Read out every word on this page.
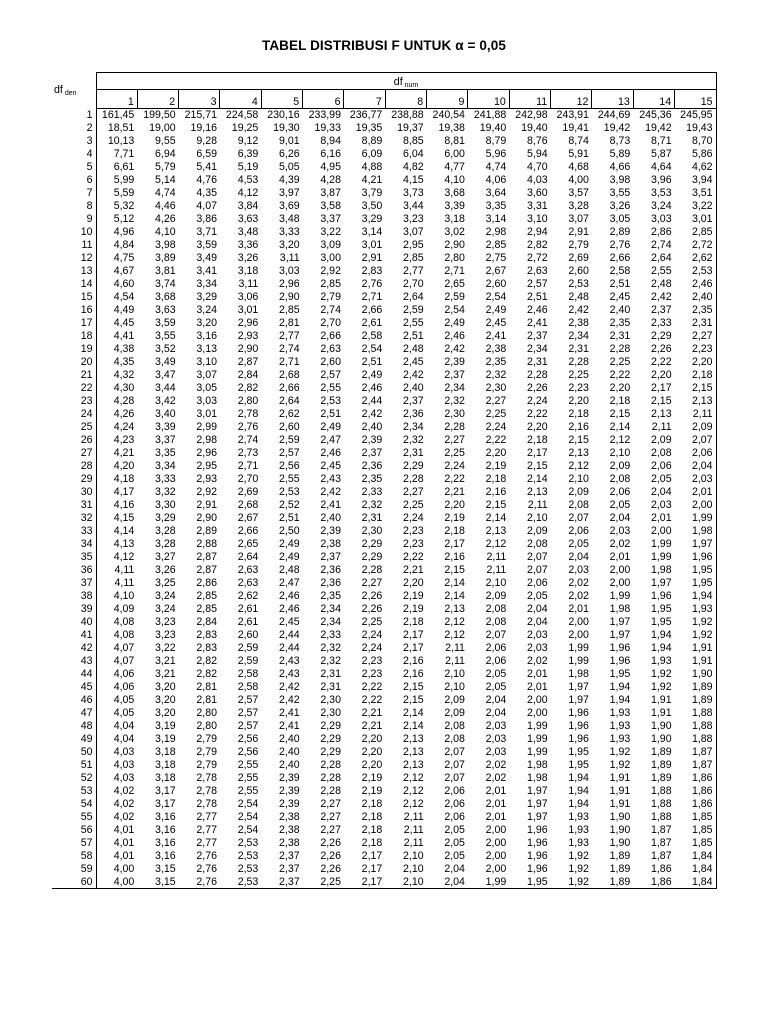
TABEL DISTRIBUSI F UNTUK α = 0,05
df $_{den}$	df $_{num}$
	1	2	3	4	5	6	7	8	9	10	11	12	13	14	15
1	161,45	199,50	215,71	224,58	230,16	233,99	236,77	238,88	240,54	241,88	242,98	243,91	244,69	245,36	245,95
2	18,51	19,00	19,16	19,25	19,30	19,33	19,35	19,37	19,38	19,40	19,40	19,41	19,42	19,42	19,43
3	10,13	9,55	9,28	9,12	9,01	8,94	8,89	8,85	8,81	8,79	8,76	8,74	8,73	8,71	8,70
4	7,71	6,94	6,59	6,39	6,26	6,16	6,09	6,04	6,00	5,96	5,94	5,91	5,89	5,87	5,86
5	6,61	5,79	5,41	5,19	5,05	4,95	4,88	4,82	4,77	4,74	4,70	4,68	4,66	4,64	4,62
6	5,99	5,14	4,76	4,53	4,39	4,28	4,21	4,15	4,10	4,06	4,03	4,00	3,98	3,96	3,94
7	5,59	4,74	4,35	4,12	3,97	3,87	3,79	3,73	3,68	3,64	3,60	3,57	3,55	3,53	3,51
8	5,32	4,46	4,07	3,84	3,69	3,58	3,50	3,44	3,39	3,35	3,31	3,28	3,26	3,24	3,22
9	5,12	4,26	3,86	3,63	3,48	3,37	3,29	3,23	3,18	3,14	3,10	3,07	3,05	3,03	3,01
10	4,96	4,10	3,71	3,48	3,33	3,22	3,14	3,07	3,02	2,98	2,94	2,91	2,89	2,86	2,85
11	4,84	3,98	3,59	3,36	3,20	3,09	3,01	2,95	2,90	2,85	2,82	2,79	2,76	2,74	2,72
12	4,75	3,89	3,49	3,26	3,11	3,00	2,91	2,85	2,80	2,75	2,72	2,69	2,66	2,64	2,62
13	4,67	3,81	3,41	3,18	3,03	2,92	2,83	2,77	2,71	2,67	2,63	2,60	2,58	2,55	2,53
14	4,60	3,74	3,34	3,11	2,96	2,85	2,76	2,70	2,65	2,60	2,57	2,53	2,51	2,48	2,46
15	4,54	3,68	3,29	3,06	2,90	2,79	2,71	2,64	2,59	2,54	2,51	2,48	2,45	2,42	2,40
16	4,49	3,63	3,24	3,01	2,85	2,74	2,66	2,59	2,54	2,49	2,46	2,42	2,40	2,37	2,35
17	4,45	3,59	3,20	2,96	2,81	2,70	2,61	2,55	2,49	2,45	2,41	2,38	2,35	2,33	2,31
18	4,41	3,55	3,16	2,93	2,77	2,66	2,58	2,51	2,46	2,41	2,37	2,34	2,31	2,29	2,27
19	4,38	3,52	3,13	2,90	2,74	2,63	2,54	2,48	2,42	2,38	2,34	2,31	2,28	2,26	2,23
20	4,35	3,49	3,10	2,87	2,71	2,60	2,51	2,45	2,39	2,35	2,31	2,28	2,25	2,22	2,20
21	4,32	3,47	3,07	2,84	2,68	2,57	2,49	2,42	2,37	2,32	2,28	2,25	2,22	2,20	2,18
22	4,30	3,44	3,05	2,82	2,66	2,55	2,46	2,40	2,34	2,30	2,26	2,23	2,20	2,17	2,15
23	4,28	3,42	3,03	2,80	2,64	2,53	2,44	2,37	2,32	2,27	2,24	2,20	2,18	2,15	2,13
24	4,26	3,40	3,01	2,78	2,62	2,51	2,42	2,36	2,30	2,25	2,22	2,18	2,15	2,13	2,11
25	4,24	3,39	2,99	2,76	2,60	2,49	2,40	2,34	2,28	2,24	2,20	2,16	2,14	2,11	2,09
26	4,23	3,37	2,98	2,74	2,59	2,47	2,39	2,32	2,27	2,22	2,18	2,15	2,12	2,09	2,07
27	4,21	3,35	2,96	2,73	2,57	2,46	2,37	2,31	2,25	2,20	2,17	2,13	2,10	2,08	2,06
28	4,20	3,34	2,95	2,71	2,56	2,45	2,36	2,29	2,24	2,19	2,15	2,12	2,09	2,06	2,04
29	4,18	3,33	2,93	2,70	2,55	2,43	2,35	2,28	2,22	2,18	2,14	2,10	2,08	2,05	2,03
30	4,17	3,32	2,92	2,69	2,53	2,42	2,33	2,27	2,21	2,16	2,13	2,09	2,06	2,04	2,01
31	4,16	3,30	2,91	2,68	2,52	2,41	2,32	2,25	2,20	2,15	2,11	2,08	2,05	2,03	2,00
32	4,15	3,29	2,90	2,67	2,51	2,40	2,31	2,24	2,19	2,14	2,10	2,07	2,04	2,01	1,99
33	4,14	3,28	2,89	2,66	2,50	2,39	2,30	2,23	2,18	2,13	2,09	2,06	2,03	2,00	1,98
34	4,13	3,28	2,88	2,65	2,49	2,38	2,29	2,23	2,17	2,12	2,08	2,05	2,02	1,99	1,97
35	4,12	3,27	2,87	2,64	2,49	2,37	2,29	2,22	2,16	2,11	2,07	2,04	2,01	1,99	1,96
36	4,11	3,26	2,87	2,63	2,48	2,36	2,28	2,21	2,15	2,11	2,07	2,03	2,00	1,98	1,95
37	4,11	3,25	2,86	2,63	2,47	2,36	2,27	2,20	2,14	2,10	2,06	2,02	2,00	1,97	1,95
38	4,10	3,24	2,85	2,62	2,46	2,35	2,26	2,19	2,14	2,09	2,05	2,02	1,99	1,96	1,94
39	4,09	3,24	2,85	2,61	2,46	2,34	2,26	2,19	2,13	2,08	2,04	2,01	1,98	1,95	1,93
40	4,08	3,23	2,84	2,61	2,45	2,34	2,25	2,18	2,12	2,08	2,04	2,00	1,97	1,95	1,92
41	4,08	3,23	2,83	2,60	2,44	2,33	2,24	2,17	2,12	2,07	2,03	2,00	1,97	1,94	1,92
42	4,07	3,22	2,83	2,59	2,44	2,32	2,24	2,17	2,11	2,06	2,03	1,99	1,96	1,94	1,91
43	4,07	3,21	2,82	2,59	2,43	2,32	2,23	2,16	2,11	2,06	2,02	1,99	1,96	1,93	1,91
44	4,06	3,21	2,82	2,58	2,43	2,31	2,23	2,16	2,10	2,05	2,01	1,98	1,95	1,92	1,90
45	4,06	3,20	2,81	2,58	2,42	2,31	2,22	2,15	2,10	2,05	2,01	1,97	1,94	1,92	1,89
46	4,05	3,20	2,81	2,57	2,42	2,30	2,22	2,15	2,09	2,04	2,00	1,97	1,94	1,91	1,89
47	4,05	3,20	2,80	2,57	2,41	2,30	2,21	2,14	2,09	2,04	2,00	1,96	1,93	1,91	1,88
48	4,04	3,19	2,80	2,57	2,41	2,29	2,21	2,14	2,08	2,03	1,99	1,96	1,93	1,90	1,88
49	4,04	3,19	2,79	2,56	2,40	2,29	2,20	2,13	2,08	2,03	1,99	1,96	1,93	1,90	1,88
50	4,03	3,18	2,79	2,56	2,40	2,29	2,20	2,13	2,07	2,03	1,99	1,95	1,92	1,89	1,87
51	4,03	3,18	2,79	2,55	2,40	2,28	2,20	2,13	2,07	2,02	1,98	1,95	1,92	1,89	1,87
52	4,03	3,18	2,78	2,55	2,39	2,28	2,19	2,12	2,07	2,02	1,98	1,94	1,91	1,89	1,86
53	4,02	3,17	2,78	2,55	2,39	2,28	2,19	2,12	2,06	2,01	1,97	1,94	1,91	1,88	1,86
54	4,02	3,17	2,78	2,54	2,39	2,27	2,18	2,12	2,06	2,01	1,97	1,94	1,91	1,88	1,86
55	4,02	3,16	2,77	2,54	2,38	2,27	2,18	2,11	2,06	2,01	1,97	1,93	1,90	1,88	1,85
56	4,01	3,16	2,77	2,54	2,38	2,27	2,18	2,11	2,05	2,00	1,96	1,93	1,90	1,87	1,85
57	4,01	3,16	2,77	2,53	2,38	2,26	2,18	2,11	2,05	2,00	1,96	1,93	1,90	1,87	1,85
58	4,01	3,16	2,76	2,53	2,37	2,26	2,17	2,10	2,05	2,00	1,96	1,92	1,89	1,87	1,84
59	4,00	3,15	2,76	2,53	2,37	2,26	2,17	2,10	2,04	2,00	1,96	1,92	1,89	1,86	1,84
60	4,00	3,15	2,76	2,53	2,37	2,25	2,17	2,10	2,04	1,99	1,95	1,92	1,89	1,86	1,84
